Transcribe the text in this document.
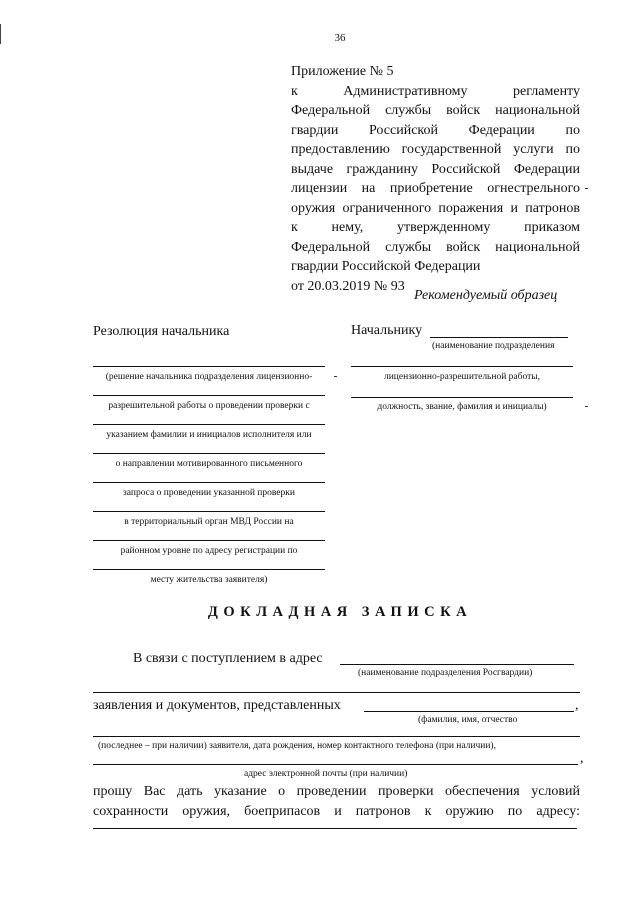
36
Приложение № 5
к Административному регламенту
Федеральной службы войск национальной
гвардии Российской Федерации по
предоставлению государственной услуги по
выдаче гражданину Российской Федерации
лицензии на приобретение огнестрельного
оружия ограниченного поражения и патронов
к нему, утвержденному приказом
Федеральной службы войск национальной
гвардии Российской Федерации
от 20.03.2019 № 93
Рекомендуемый образец
Резолюция начальника
(решение начальника подразделения лицензионно-
разрешительной работы о проведении проверки с
указанием фамилии и инициалов исполнителя или
о направлении мотивированного письменного
запроса о проведении указанной проверки
в территориальный орган МВД России на
районном уровне по адресу регистрации по
месту жительства заявителя)
Начальнику
(наименование подразделения
лицензионно-разрешительной работы,
должность, звание, фамилия и инициалы)
ДОКЛАДНАЯ ЗАПИСКА
В связи с поступлением в адрес
(наименование подразделения Росгвардии)
заявления и документов, представленных	,
(фамилия, имя, отчество
(последнее – при наличии) заявителя, дата рождения, номер контактного телефона (при наличии),
,
адрес электронной почты (при наличии)
прошу Вас дать указание о проведении проверки обеспечения условий
сохранности оружия, боеприпасов и патронов к оружию по адресу:
